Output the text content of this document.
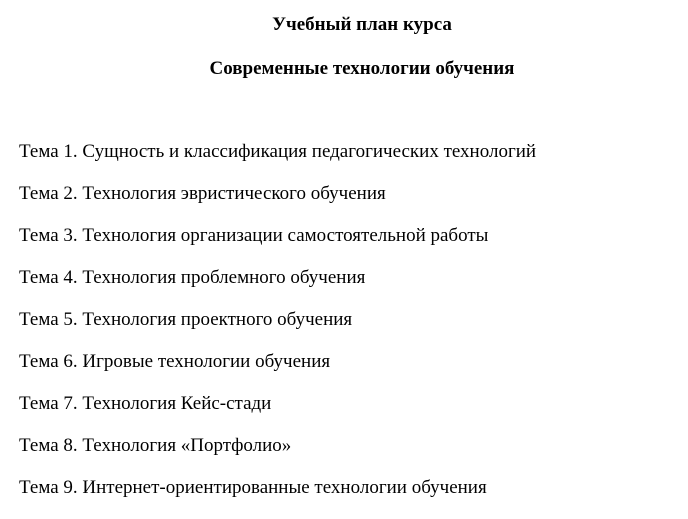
Учебный план курса
Современные технологии обучения
Тема 1. Сущность и классификация педагогических технологий
Тема 2. Технология эвристического обучения
Тема 3. Технология организации самостоятельной работы
Тема 4. Технология проблемного обучения
Тема 5. Технология проектного обучения
Тема 6. Игровые технологии обучения
Тема 7. Технология Кейс-стади
Тема 8. Технология «Портфолио»
Тема 9. Интернет-ориентированные технологии обучения
